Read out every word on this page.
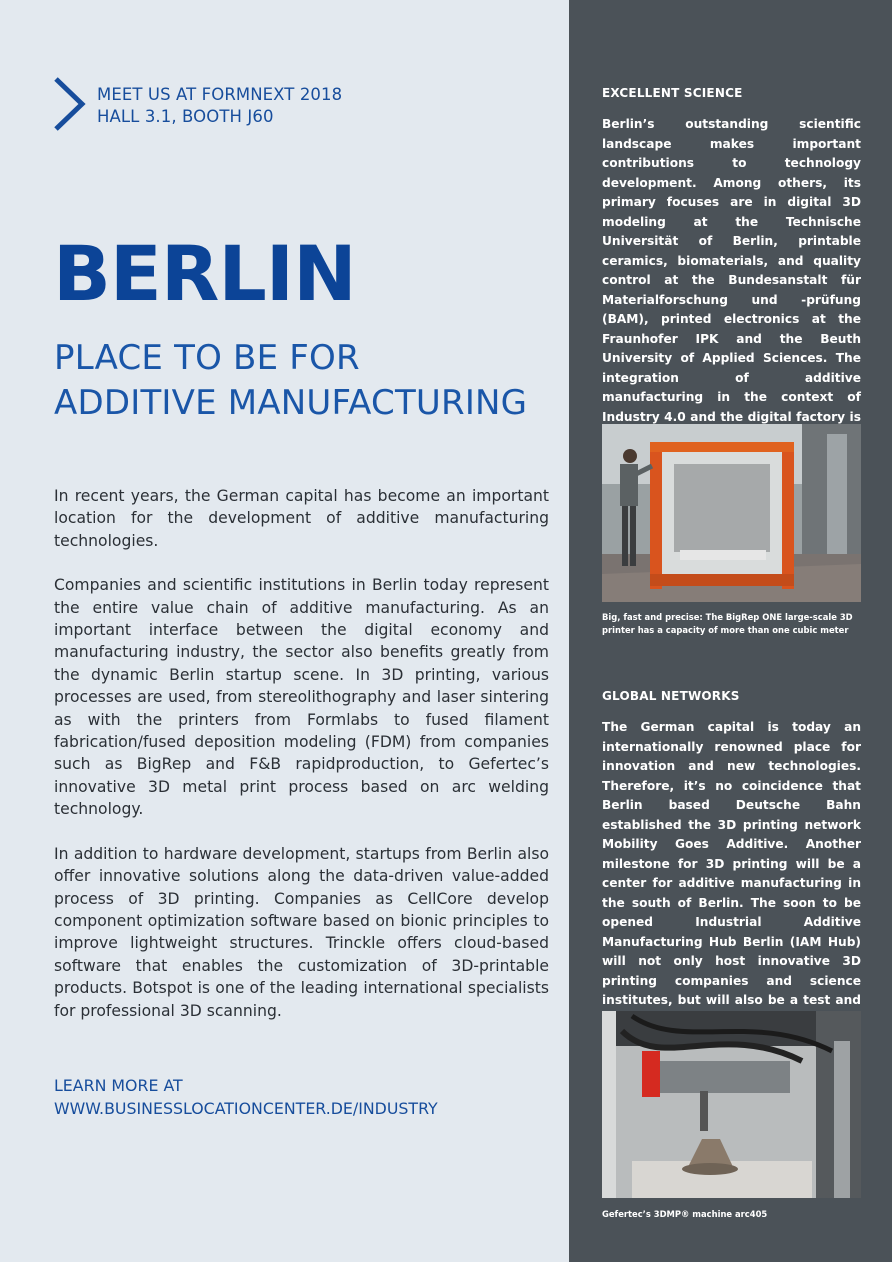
MEET US AT FORMNEXT 2018
HALL 3.1, BOOTH J60
BERLIN
PLACE TO BE FOR
ADDITIVE MANUFACTURING

In recent years, the German capital has become an important location for the development of additive manufacturing technologies.

Companies and scientific institutions in Berlin today represent the entire value chain of additive manufacturing. As an important interface between the digital economy and manufacturing industry, the sector also benefits greatly from the dynamic Berlin startup scene. In 3D printing, various processes are used, from stereolithography and laser sintering as with the printers from Formlabs to fused filament fabrication/fused deposition modeling (FDM) from companies such as BigRep and F&B rapidproduction, to Gefertec’s innovative 3D metal print process based on arc welding technology.

In addition to hardware development, startups from Berlin also offer innovative solutions along the data-driven value-added process of 3D printing. Companies as CellCore develop component optimization software based on bionic principles to improve lightweight structures. Trinckle offers cloud-based software that enables the customization of 3D-printable products. Botspot is one of the leading international specialists for professional 3D scanning.

LEARN MORE AT
WWW.BUSINESSLOCATIONCENTER.DE/INDUSTRY
EXCELLENT SCIENCE
Berlin’s outstanding scientific landscape makes important contributions to technology development. Among others, its primary focuses are in digital 3D modeling at the Technische Universität of Berlin, printable ceramics, biomaterials, and quality control at the Bundesanstalt für Materialforschung und -prüfung (BAM), printed electronics at the Fraunhofer IPK and the Beuth University of Applied Sciences. The integration of additive manufacturing in the context of Industry 4.0 and the digital factory is
Big, fast and precise: The BigRep ONE large-scale 3D printer has a capacity of more than one cubic meter
GLOBAL NETWORKS
The German capital is today an internationally renowned place for innovation and new technologies. Therefore, it’s no coincidence that Berlin based Deutsche Bahn established the 3D printing network Mobility Goes Additive. Another milestone for 3D printing will be a center for additive manufacturing in the south of Berlin. The soon to be opened Industrial Additive Manufacturing Hub Berlin (IAM Hub) will not only host innovative 3D printing companies and science institutes, but will also be a test and
Gefertec’s 3DMP® machine arc405
